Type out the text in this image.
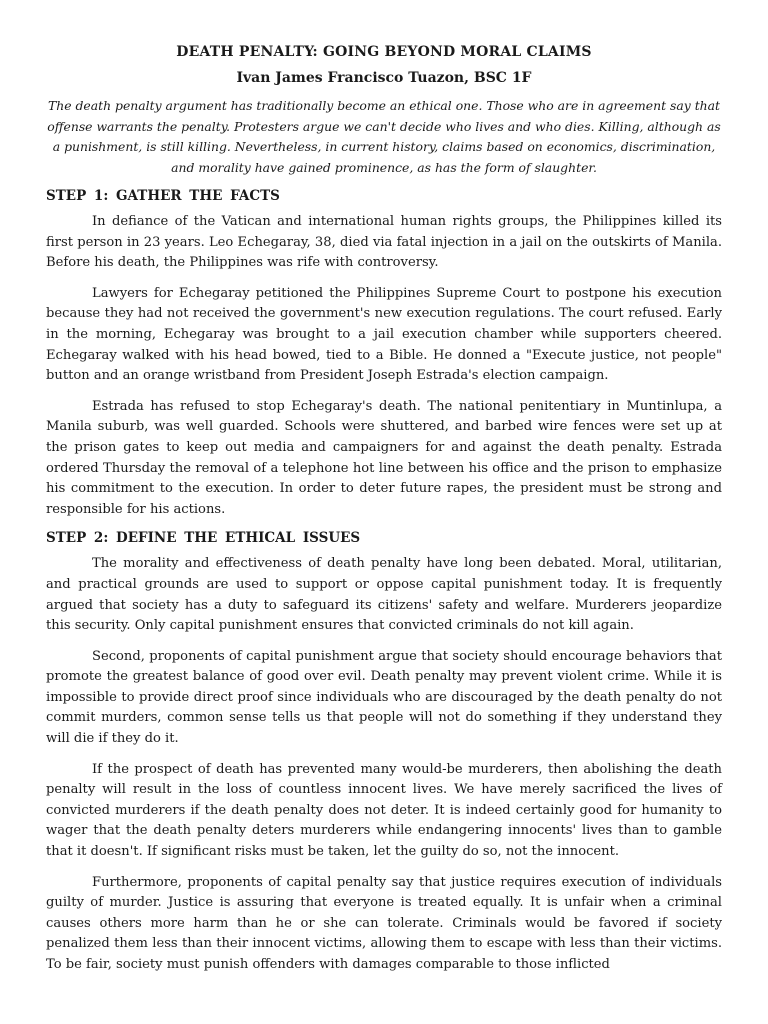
DEATH PENALTY: GOING BEYOND MORAL CLAIMS
Ivan James Francisco Tuazon, BSC 1F

The death penalty argument has traditionally become an ethical one. Those who are in agreement say that offense warrants the penalty. Protesters argue we can't decide who lives and who dies. Killing, although as a punishment, is still killing. Nevertheless, in current history, claims based on economics, discrimination, and morality have gained prominence, as has the form of slaughter.

STEP 1: GATHER THE FACTS

In defiance of the Vatican and international human rights groups, the Philippines killed its first person in 23 years. Leo Echegaray, 38, died via fatal injection in a jail on the outskirts of Manila. Before his death, the Philippines was rife with controversy.

Lawyers for Echegaray petitioned the Philippines Supreme Court to postpone his execution because they had not received the government's new execution regulations. The court refused. Early in the morning, Echegaray was brought to a jail execution chamber while supporters cheered. Echegaray walked with his head bowed, tied to a Bible. He donned a "Execute justice, not people" button and an orange wristband from President Joseph Estrada's election campaign.

Estrada has refused to stop Echegaray's death. The national penitentiary in Muntinlupa, a Manila suburb, was well guarded. Schools were shuttered, and barbed wire fences were set up at the prison gates to keep out media and campaigners for and against the death penalty. Estrada ordered Thursday the removal of a telephone hot line between his office and the prison to emphasize his commitment to the execution. In order to deter future rapes, the president must be strong and responsible for his actions.

STEP 2: DEFINE THE ETHICAL ISSUES

The morality and effectiveness of death penalty have long been debated. Moral, utilitarian, and practical grounds are used to support or oppose capital punishment today. It is frequently argued that society has a duty to safeguard its citizens' safety and welfare. Murderers jeopardize this security. Only capital punishment ensures that convicted criminals do not kill again.

Second, proponents of capital punishment argue that society should encourage behaviors that promote the greatest balance of good over evil. Death penalty may prevent violent crime. While it is impossible to provide direct proof since individuals who are discouraged by the death penalty do not commit murders, common sense tells us that people will not do something if they understand they will die if they do it.

If the prospect of death has prevented many would-be murderers, then abolishing the death penalty will result in the loss of countless innocent lives. We have merely sacrificed the lives of convicted murderers if the death penalty does not deter. It is indeed certainly good for humanity to wager that the death penalty deters murderers while endangering innocents' lives than to gamble that it doesn't. If significant risks must be taken, let the guilty do so, not the innocent.

Furthermore, proponents of capital penalty say that justice requires execution of individuals guilty of murder. Justice is assuring that everyone is treated equally. It is unfair when a criminal causes others more harm than he or she can tolerate. Criminals would be favored if society penalized them less than their innocent victims, allowing them to escape with less than their victims. To be fair, society must punish offenders with damages comparable to those inflicted
